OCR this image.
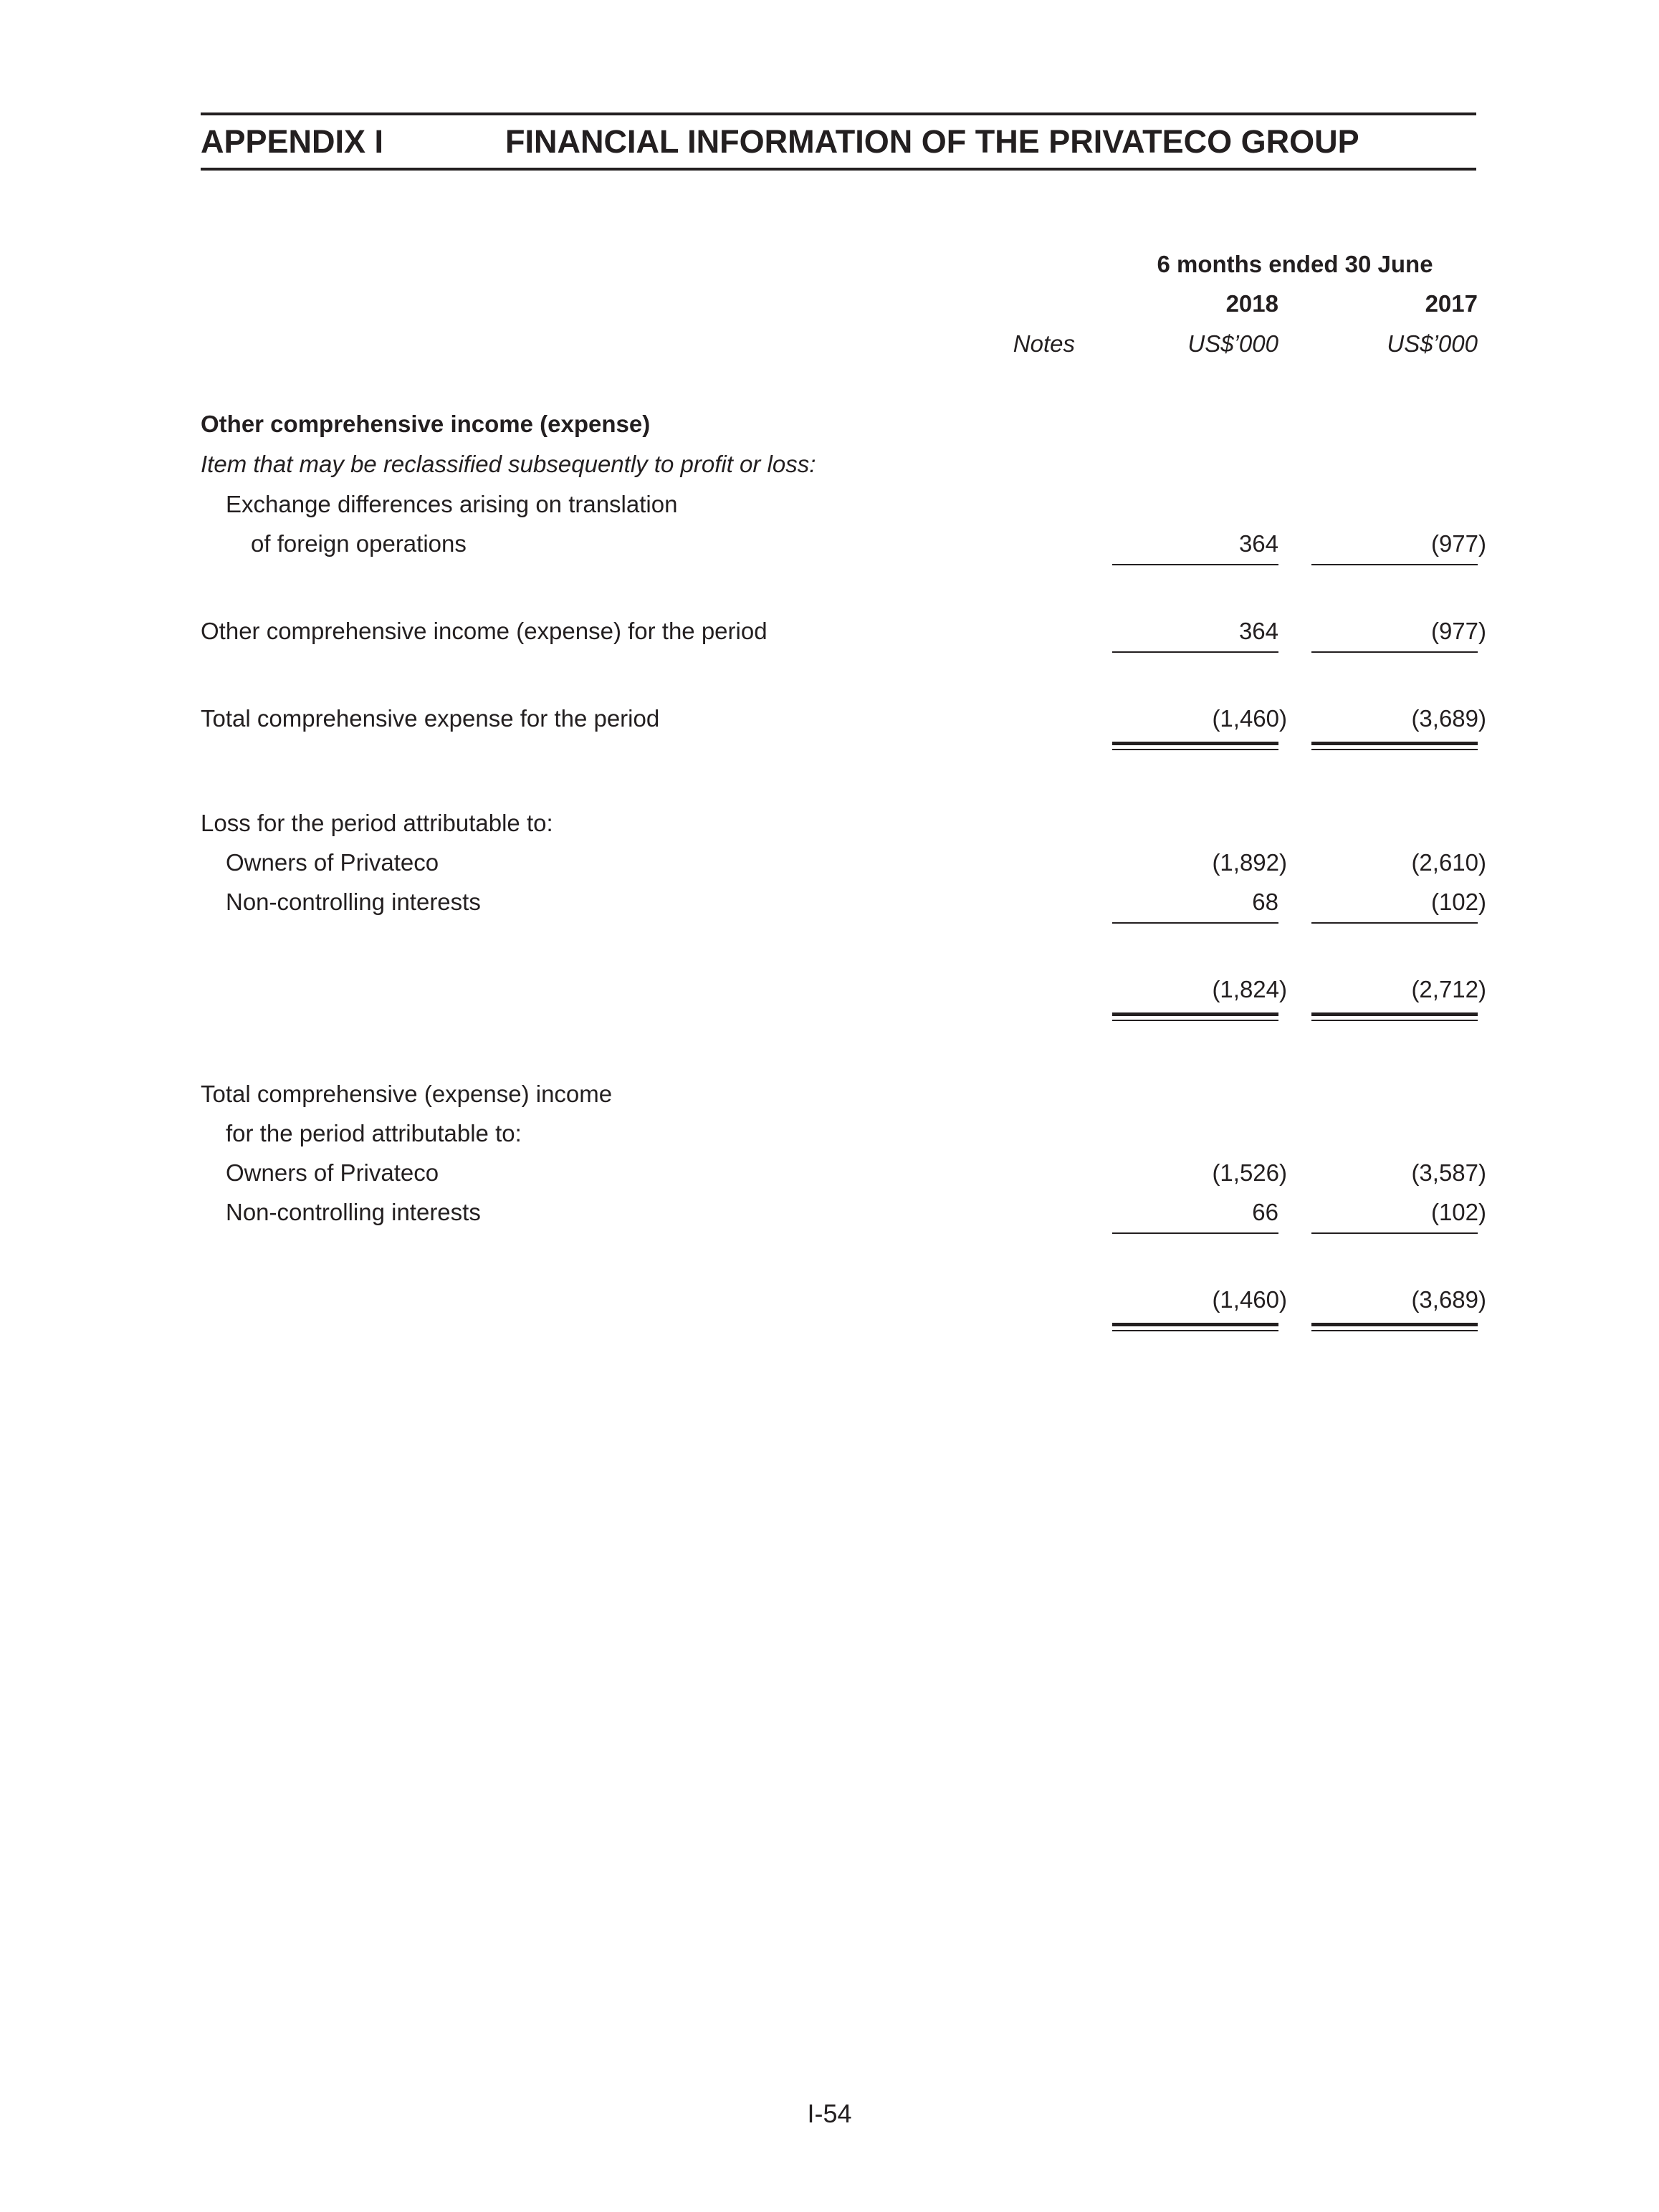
APPENDIX I	FINANCIAL INFORMATION OF THE PRIVATECO GROUP
6 months ended 30 June
2018	2017
Notes	US$’000	US$’000
Other comprehensive income (expense)
Item that may be reclassified subsequently to profit or loss:
Exchange differences arising on translation
of foreign operations	364	(977)
Other comprehensive income (expense) for the period	364	(977)
Total comprehensive expense for the period	(1,460)	(3,689)
Loss for the period attributable to:
Owners of Privateco	(1,892)	(2,610)
Non-controlling interests	68	(102)
(1,824)	(2,712)
Total comprehensive (expense) income
for the period attributable to:
Owners of Privateco	(1,526)	(3,587)
Non-controlling interests	66	(102)
(1,460)	(3,689)
I-54
